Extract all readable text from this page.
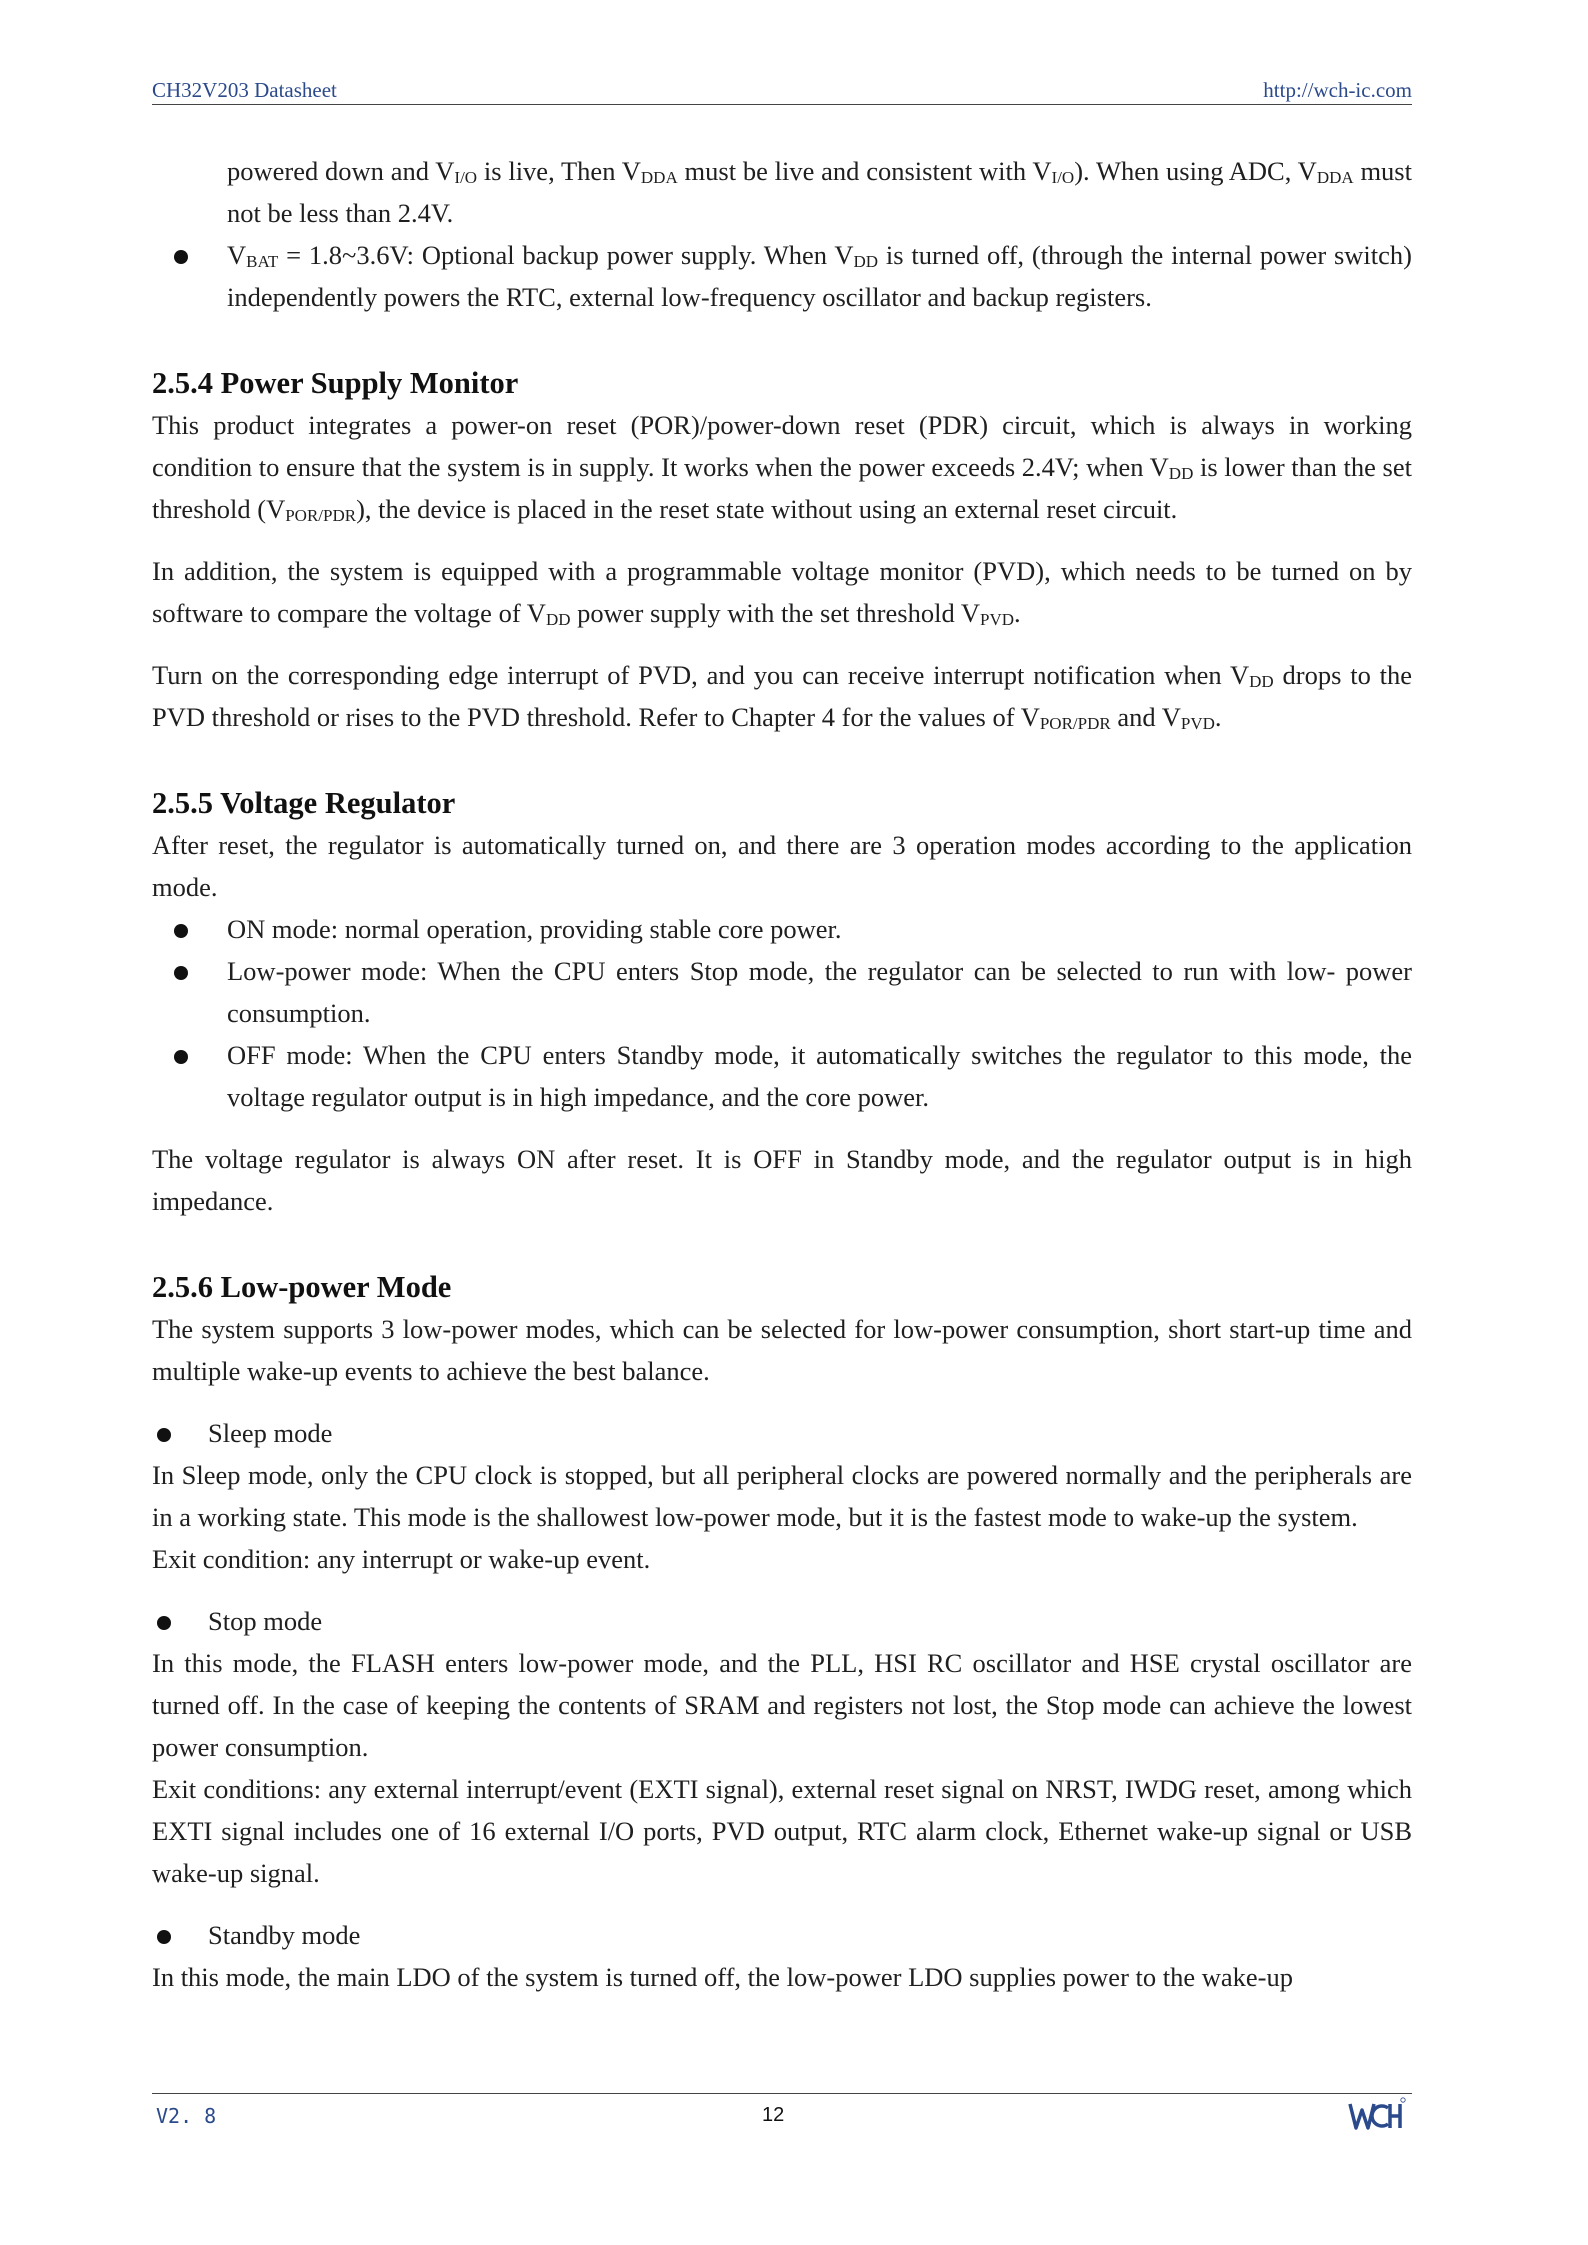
CH32V203 Datasheet	http://wch-ic.com

powered down and $V_{I/O}$ is live, Then $V_{DDA}$ must be live and consistent with $V_{I/O}$). When using ADC, $V_{DDA}$ must not be less than 2.4V.

$V_{BAT}$ = 1.8~3.6V: Optional backup power supply. When $V_{DD}$ is turned off, (through the internal power switch) independently powers the RTC, external low-frequency oscillator and backup registers.

2.5.4 Power Supply Monitor

This product integrates a power-on reset (POR)/power-down reset (PDR) circuit, which is always in working condition to ensure that the system is in supply. It works when the power exceeds 2.4V; when $V_{DD}$ is lower than the set threshold $(V_{POR/PDR})$, the device is placed in the reset state without using an external reset circuit.

In addition, the system is equipped with a programmable voltage monitor (PVD), which needs to be turned on by software to compare the voltage of $V_{DD}$ power supply with the set threshold $V_{PVD}$.

Turn on the corresponding edge interrupt of PVD, and you can receive interrupt notification when $V_{DD}$ drops to the PVD threshold or rises to the PVD threshold. Refer to Chapter 4 for the values of $V_{POR/PDR}$ and $V_{PVD}$.

2.5.5 Voltage Regulator

After reset, the regulator is automatically turned on, and there are 3 operation modes according to the application mode.

ON mode: normal operation, providing stable core power.

Low-power mode: When the CPU enters Stop mode, the regulator can be selected to run with low- power consumption.

OFF mode: When the CPU enters Standby mode, it automatically switches the regulator to this mode, the voltage regulator output is in high impedance, and the core power.

The voltage regulator is always ON after reset. It is OFF in Standby mode, and the regulator output is in high impedance.

2.5.6 Low-power Mode

The system supports 3 low-power modes, which can be selected for low-power consumption, short start-up time and multiple wake-up events to achieve the best balance.

Sleep mode

In Sleep mode, only the CPU clock is stopped, but all peripheral clocks are powered normally and the peripherals are in a working state. This mode is the shallowest low-power mode, but it is the fastest mode to wake-up the system.

Exit condition: any interrupt or wake-up event.

Stop mode

In this mode, the FLASH enters low-power mode, and the PLL, HSI RC oscillator and HSE crystal oscillator are turned off. In the case of keeping the contents of SRAM and registers not lost, the Stop mode can achieve the lowest power consumption.

Exit conditions: any external interrupt/event (EXTI signal), external reset signal on NRST, IWDG reset, among which EXTI signal includes one of 16 external I/O ports, PVD output, RTC alarm clock, Ethernet wake-up signal or USB wake-up signal.

Standby mode

In this mode, the main LDO of the system is turned off, the low-power LDO supplies power to the wake-up

V2. 8	12
